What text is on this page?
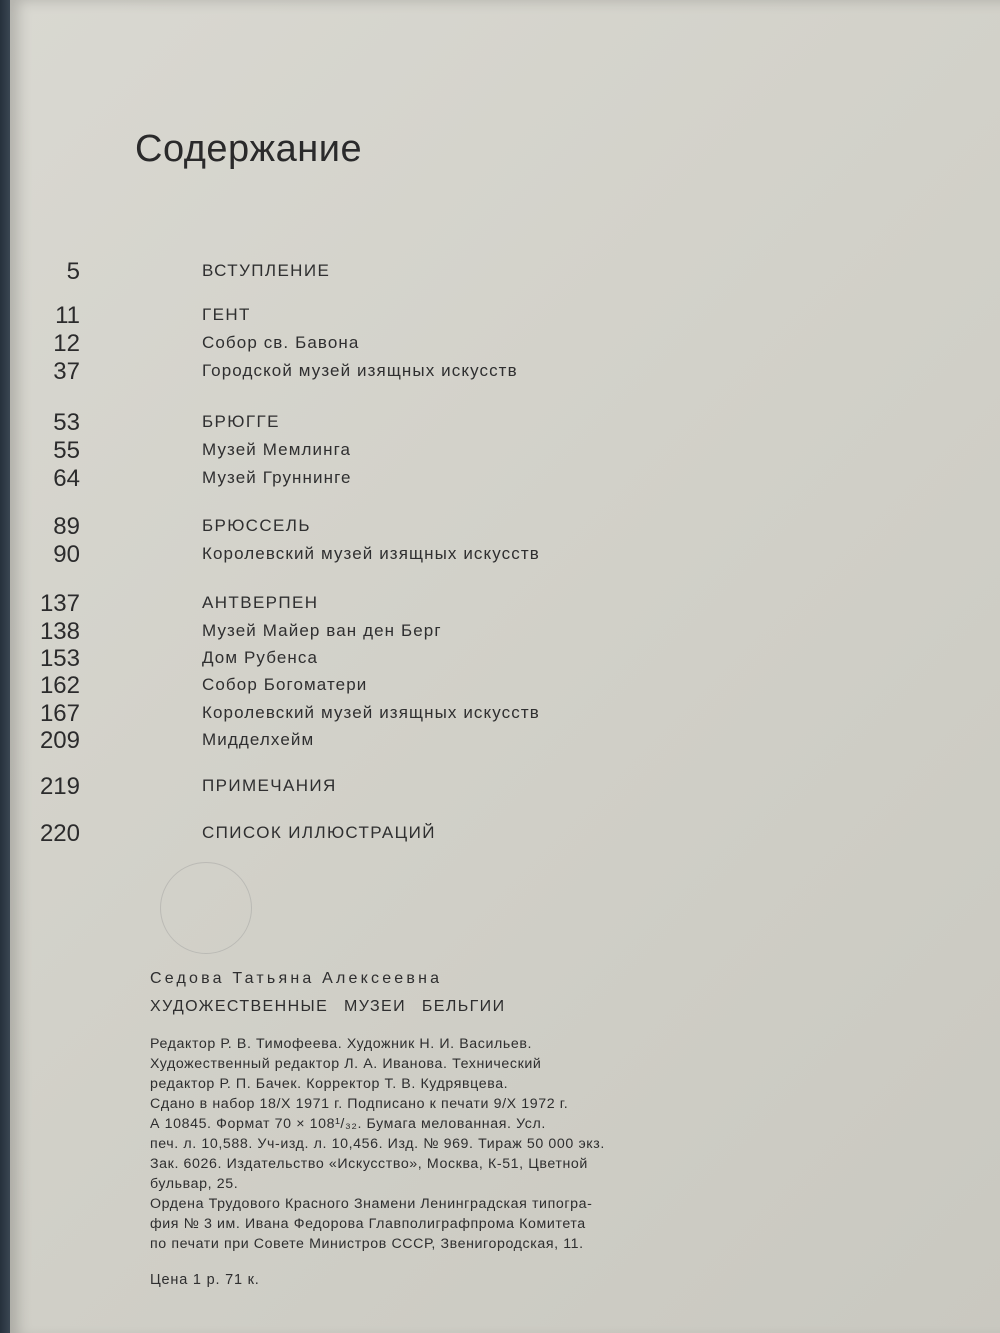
Содержание
5	ВСТУПЛЕНИЕ
11	ГЕНТ
12	Собор св. Бавона
37	Городской музей изящных искусств
53	БРЮГГЕ
55	Музей Мемлинга
64	Музей Груннинге
89	БРЮССЕЛЬ
90	Королевский музей изящных искусств
137	АНТВЕРПЕН
138	Музей Майер ван ден Берг
153	Дом Рубенса
162	Собор Богоматери
167	Королевский музей изящных искусств
209	Мидделхейм
219	ПРИМЕЧАНИЯ
220	СПИСОК ИЛЛЮСТРАЦИЙ
Седова Татьяна Алексеевна
ХУДОЖЕСТВЕННЫЕ МУЗЕИ БЕЛЬГИИ
Редактор Р. В. Тимофеева. Художник Н. И. Васильев.
Художественный редактор Л. А. Иванова. Технический
редактор Р. П. Бачек. Корректор Т. В. Кудрявцева.
Сдано в набор 18/X 1971 г. Подписано к печати 9/X 1972 г.
А 10845. Формат 70 × 108¹/₃₂. Бумага мелованная. Усл.
печ. л. 10,588. Уч-изд. л. 10,456. Изд. № 969. Тираж 50 000 экз.
Зак. 6026. Издательство «Искусство», Москва, К-51, Цветной
бульвар, 25.
Ордена Трудового Красного Знамени Ленинградская типогра-
фия № 3 им. Ивана Федорова Главполиграфпрома Комитета
по печати при Совете Министров СССР, Звенигородская, 11.
Цена 1 р. 71 к.
